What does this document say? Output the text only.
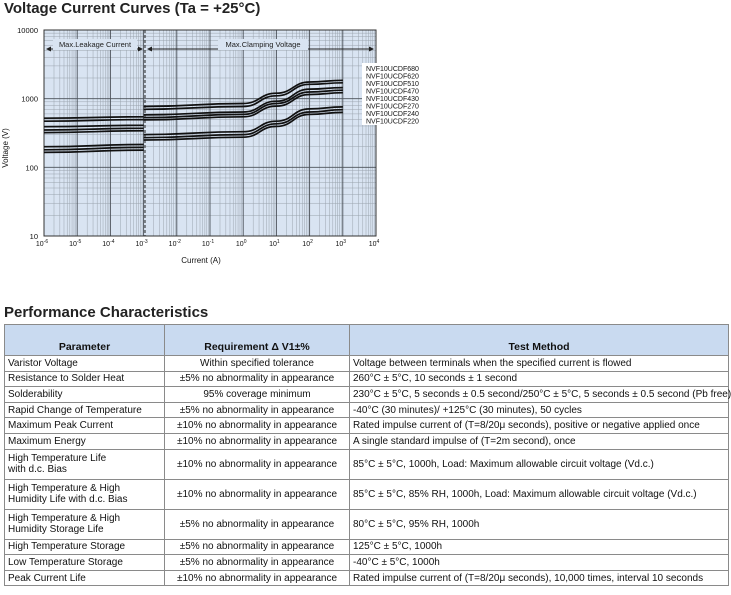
Voltage Current Curves (Ta = +25°C)
Max.Leakage Current	Max.Clamping Voltage
NVF10UCDF680
NVF10UCDF620
NVF10UCDF510
NVF10UCDF470
NVF10UCDF430
NVF10UCDF270
NVF10UCDF240
NVF10UCDF220
10000
1000
100
10
$10^{-6}$	$10^{-5}$	$10^{-4}$	$10^{-3}$	$10^{-2}$	$10^{-1}$	$10^0$	$10^1$	$10^2$	$10^3$	$10^4$
Voltage (V)
Current (A)
Performance Characteristics
Parameter	Requirement Δ V1±%	Test Method

Varistor Voltage	Within specified tolerance	Voltage between terminals when the specified current is flowed

Resistance to Solder Heat	±5% no abnormality in appearance	260°C ± 5°C, 10 seconds ± 1 second

Solderability	95% coverage minimum	230°C ± 5°C, 5 seconds ± 0.5 second/250°C ± 5°C, 5 seconds ± 0.5 second (Pb free)

Rapid Change of Temperature	±5% no abnormality in appearance	-40°C (30 minutes)/ +125°C (30 minutes), 50 cycles

Maximum Peak Current	±10% no abnormality in appearance	Rated impulse current of (T=8/20μ seconds), positive or negative applied once

Maximum Energy	±10% no abnormality in appearance	A single standard impulse of (T=2m second), once

High Temperature Life
with d.c. Bias	±10% no abnormality in appearance	85°C ± 5°C, 1000h, Load: Maximum allowable circuit voltage (Vd.c.)

High Temperature & High
Humidity Life with d.c. Bias	±10% no abnormality in appearance	85°C ± 5°C, 85% RH, 1000h, Load: Maximum allowable circuit voltage (Vd.c.)

High Temperature & High
Humidity Storage Life	±5% no abnormality in appearance	80°C ± 5°C, 95% RH, 1000h

High Temperature Storage	±5% no abnormality in appearance	125°C ± 5°C, 1000h

Low Temperature Storage	±5% no abnormality in appearance	-40°C ± 5°C, 1000h

Peak Current Life	±10% no abnormality in appearance	Rated impulse current of (T=8/20μ seconds), 10,000 times, interval 10 seconds
